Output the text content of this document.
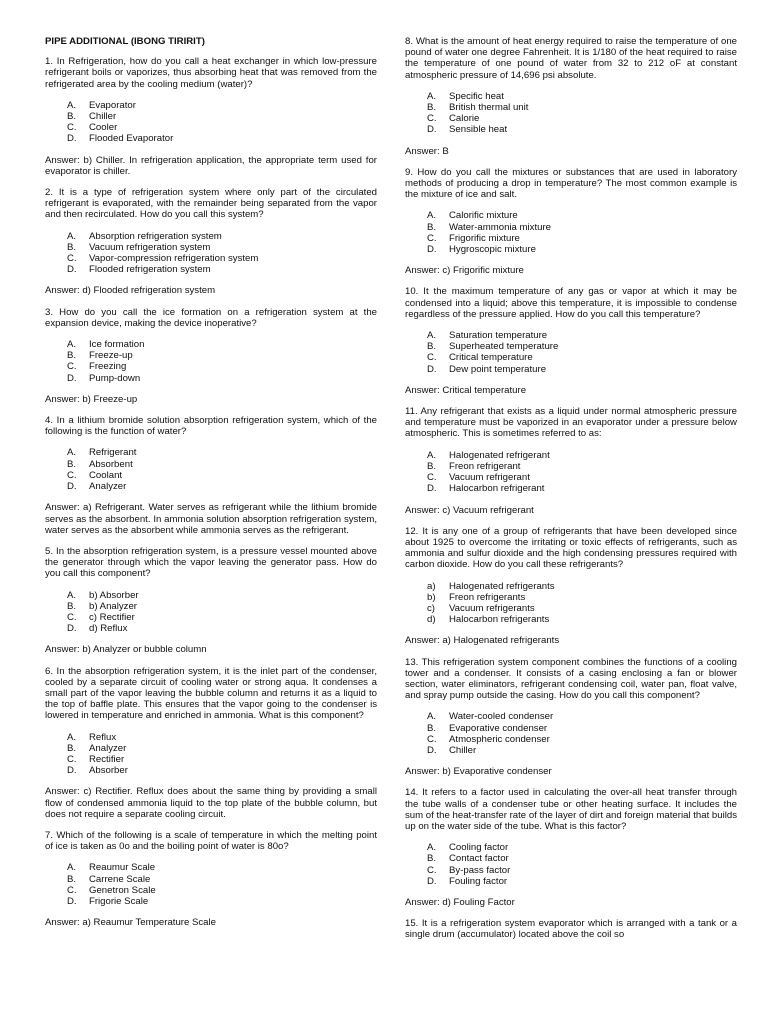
PIPE ADDITIONAL (IBONG TIRIRIT)
1. In Refrigeration, how do you call a heat exchanger in which low-pressure refrigerant boils or vaporizes, thus absorbing heat that was removed from the refrigerated area by the cooling medium (water)?
A.	Evaporator
B.	Chiller
C.	Cooler
D.	Flooded Evaporator
Answer: b) Chiller. In refrigeration application, the appropriate term used for evaporator is chiller.
2. It is a type of refrigeration system where only part of the circulated refrigerant is evaporated, with the remainder being separated from the vapor and then recirculated. How do you call this system?
A.	Absorption refrigeration system
B.	Vacuum refrigeration system
C.	Vapor-compression refrigeration system
D.	Flooded refrigeration system
Answer: d) Flooded refrigeration system
3. How do you call the ice formation on a refrigeration system at the expansion device, making the device inoperative?
A.	Ice formation
B.	Freeze-up
C.	Freezing
D.	Pump-down
Answer: b) Freeze-up
4. In a lithium bromide solution absorption refrigeration system, which of the following is the function of water?
A.	Refrigerant
B.	Absorbent
C.	Coolant
D.	Analyzer
Answer: a) Refrigerant. Water serves as refrigerant while the lithium bromide serves as the absorbent. In ammonia solution absorption refrigeration system, water serves as the absorbent while ammonia serves as the refrigerant.
5. In the absorption refrigeration system, is a pressure vessel mounted above the generator through which the vapor leaving the generator pass. How do you call this component?
A.	b) Absorber
B.	b) Analyzer
C.	c) Rectifier
D.	d) Reflux
Answer: b) Analyzer or bubble column
6. In the absorption refrigeration system, it is the inlet part of the condenser, cooled by a separate circuit of cooling water or strong aqua. It condenses a small part of the vapor leaving the bubble column and returns it as a liquid to the top of baffle plate. This ensures that the vapor going to the condenser is lowered in temperature and enriched in ammonia. What is this component?
A.	Reflux
B.	Analyzer
C.	Rectifier
D.	Absorber
Answer: c) Rectifier. Reflux does about the same thing by providing a small flow of condensed ammonia liquid to the top plate of the bubble column, but does not require a separate cooling circuit.
7. Which of the following is a scale of temperature in which the melting point of ice is taken as 0o and the boiling point of water is 80o?
A.	Reaumur Scale
B.	Carrene Scale
C.	Genetron Scale
D.	Frigorie Scale
Answer: a) Reaumur Temperature Scale
8. What is the amount of heat energy required to raise the temperature of one pound of water one degree Fahrenheit. It is 1/180 of the heat required to raise the temperature of one pound of water from 32 to 212 oF at constant atmospheric pressure of 14,696 psi absolute.
A.	Specific heat
B.	British thermal unit
C.	Calorie
D.	Sensible heat
Answer: B
9. How do you call the mixtures or substances that are used in laboratory methods of producing a drop in temperature? The most common example is the mixture of ice and salt.
A.	Calorific mixture
B.	Water-ammonia mixture
C.	Frigorific mixture
D.	Hygroscopic mixture
Answer: c) Frigorific mixture
10. It the maximum temperature of any gas or vapor at which it may be condensed into a liquid; above this temperature, it is impossible to condense regardless of the pressure applied. How do you call this temperature?
A.	Saturation temperature
B.	Superheated temperature
C.	Critical temperature
D.	Dew point temperature
Answer: Critical temperature
11. Any refrigerant that exists as a liquid under normal atmospheric pressure and temperature must be vaporized in an evaporator under a pressure below atmospheric. This is sometimes referred to as:
A.	Halogenated refrigerant
B.	Freon refrigerant
C.	Vacuum refrigerant
D.	Halocarbon refrigerant
Answer: c) Vacuum refrigerant
12. It is any one of a group of refrigerants that have been developed since about 1925 to overcome the irritating or toxic effects of refrigerants, such as ammonia and sulfur dioxide and the high condensing pressures required with carbon dioxide. How do you call these refrigerants?
a)	Halogenated refrigerants
b)	Freon refrigerants
c)	Vacuum refrigerants
d)	Halocarbon refrigerants
Answer: a) Halogenated refrigerants
13. This refrigeration system component combines the functions of a cooling tower and a condenser. It consists of a casing enclosing a fan or blower section, water eliminators, refrigerant condensing coil, water pan, float valve, and spray pump outside the casing. How do you call this component?
A.	Water-cooled condenser
B.	Evaporative condenser
C.	Atmospheric condenser
D.	Chiller
Answer: b) Evaporative condenser
14. It refers to a factor used in calculating the over-all heat transfer through the tube walls of a condenser tube or other heating surface. It includes the sum of the heat-transfer rate of the layer of dirt and foreign material that builds up on the water side of the tube. What is this factor?
A.	Cooling factor
B.	Contact factor
C.	By-pass factor
D.	Fouling factor
Answer: d) Fouling Factor
15. It is a refrigeration system evaporator which is arranged with a tank or a single drum (accumulator) located above the coil so
